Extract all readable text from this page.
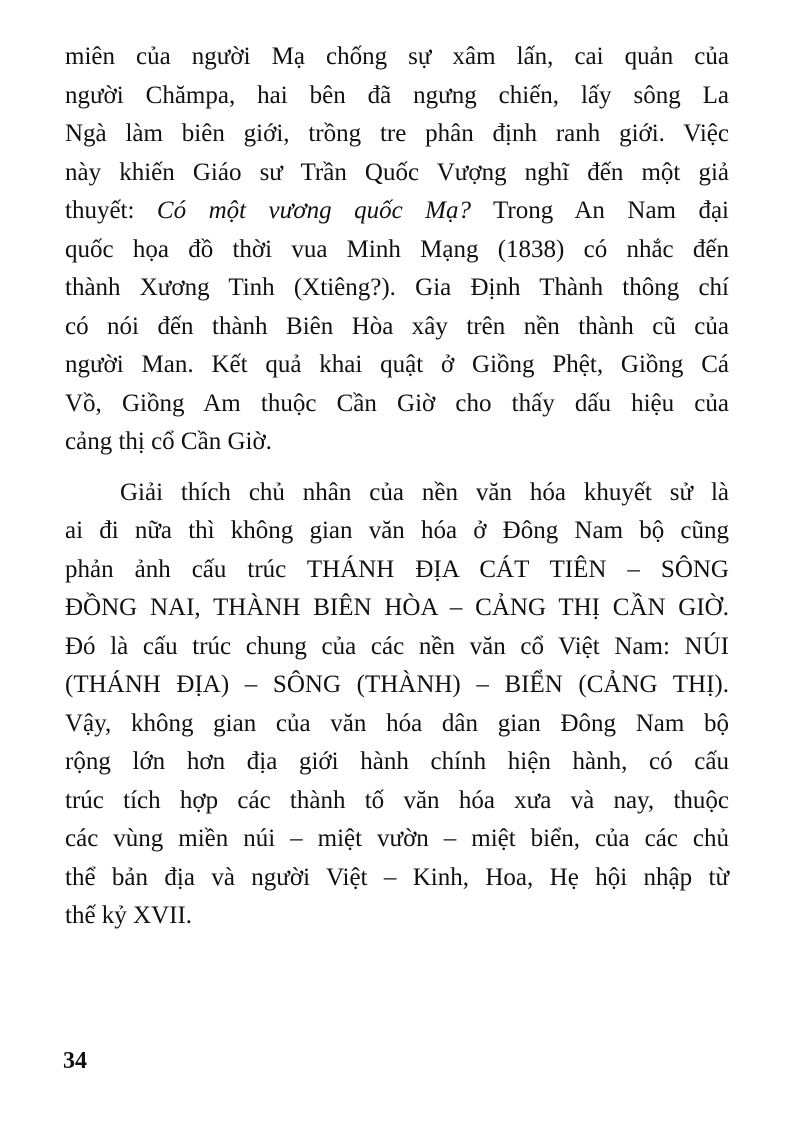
miên của người Mạ chống sự xâm lấn, cai quản của
người Chămpa, hai bên đã ngưng chiến, lấy sông La
Ngà làm biên giới, trồng tre phân định ranh giới. Việc
này khiến Giáo sư Trần Quốc Vượng nghĩ đến một giả
thuyết: Có một vương quốc Mạ? Trong An Nam đại
quốc họa đồ thời vua Minh Mạng (1838) có nhắc đến
thành Xương Tinh (Xtiêng?). Gia Định Thành thông chí
có nói đến thành Biên Hòa xây trên nền thành cũ của
người Man. Kết quả khai quật ở Giồng Phệt, Giồng Cá
Vồ, Giồng Am thuộc Cần Giờ cho thấy dấu hiệu của
cảng thị cổ Cần Giờ.
Giải thích chủ nhân của nền văn hóa khuyết sử là
ai đi nữa thì không gian văn hóa ở Đông Nam bộ cũng
phản ảnh cấu trúc THÁNH ĐỊA CÁT TIÊN – SÔNG
ĐỒNG NAI, THÀNH BIÊN HÒA – CẢNG THỊ CẦN GIỜ.
Đó là cấu trúc chung của các nền văn cổ Việt Nam: NÚI
(THÁNH ĐỊA) – SÔNG (THÀNH) – BIỂN (CẢNG THỊ).
Vậy, không gian của văn hóa dân gian Đông Nam bộ
rộng lớn hơn địa giới hành chính hiện hành, có cấu
trúc tích hợp các thành tố văn hóa xưa và nay, thuộc
các vùng miền núi – miệt vườn – miệt biển, của các chủ
thể bản địa và người Việt – Kinh, Hoa, Hẹ hội nhập từ
thế kỷ XVII.
34
